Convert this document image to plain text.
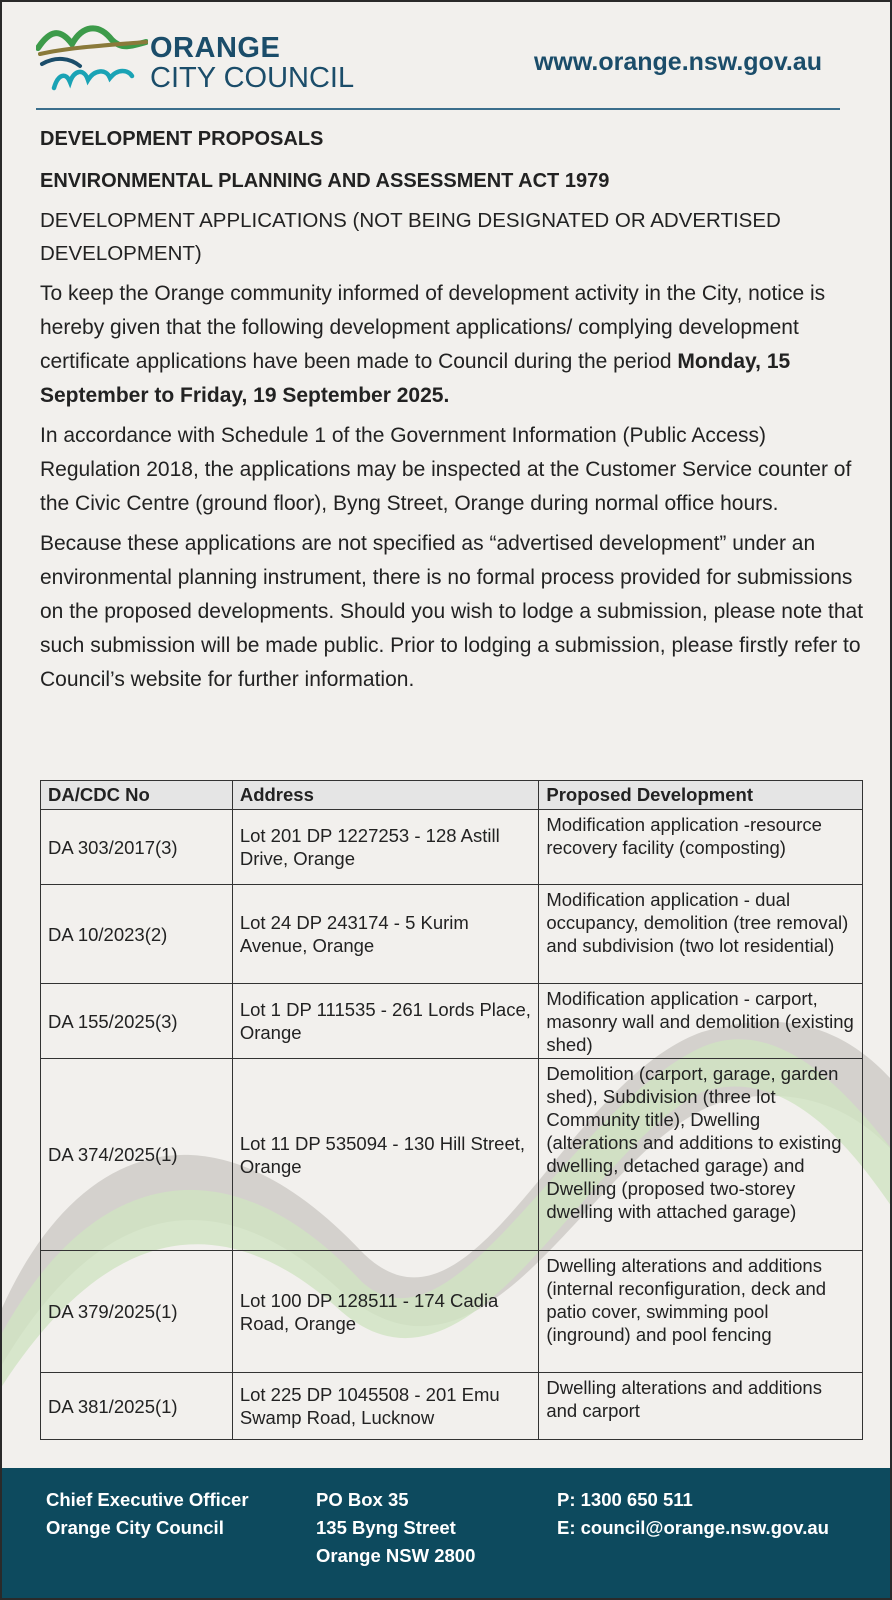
ORANGE
CITY COUNCIL	www.orange.nsw.gov.au
DEVELOPMENT PROPOSALS
ENVIRONMENTAL PLANNING AND ASSESSMENT ACT 1979
DEVELOPMENT APPLICATIONS (NOT BEING DESIGNATED OR ADVERTISED DEVELOPMENT)

To keep the Orange community informed of development activity in the City, notice is hereby given that the following development applications/ complying development certificate applications have been made to Council during the period Monday, 15 September to Friday, 19 September 2025.

In accordance with Schedule 1 of the Government Information (Public Access) Regulation 2018, the applications may be inspected at the Customer Service counter of the Civic Centre (ground floor), Byng Street, Orange during normal office hours.

Because these applications are not specified as “advertised development” under an environmental planning instrument, there is no formal process provided for submissions on the proposed developments. Should you wish to lodge a submission, please note that such submission will be made public. Prior to lodging a submission, please firstly refer to Council’s website for further information.

DA/CDC No	Address	Proposed Development
DA 303/2017(3)	Lot 201 DP 1227253 - 128 Astill Drive, Orange	Modification application -resource recovery facility (composting)
DA 10/2023(2)	Lot 24 DP 243174 - 5 Kurim Avenue, Orange	Modification application - dual occupancy, demolition (tree removal) and subdivision (two lot residential)
DA 155/2025(3)	Lot 1 DP 111535 - 261 Lords Place, Orange	Modification application - carport, masonry wall and demolition (existing shed)
DA 374/2025(1)	Lot 11 DP 535094 - 130 Hill Street, Orange	Demolition (carport, garage, garden shed), Subdivision (three lot Community title), Dwelling (alterations and additions to existing dwelling, detached garage) and Dwelling (proposed two-storey dwelling with attached garage)
DA 379/2025(1)	Lot 100 DP 128511 - 174 Cadia Road, Orange	Dwelling alterations and additions (internal reconfiguration, deck and patio cover, swimming pool (inground) and pool fencing
DA 381/2025(1)	Lot 225 DP 1045508 - 201 Emu Swamp Road, Lucknow	Dwelling alterations and additions and carport
Chief Executive Officer
Orange City Council
PO Box 35
135 Byng Street
Orange NSW 2800
P: 1300 650 511
E: council@orange.nsw.gov.au
